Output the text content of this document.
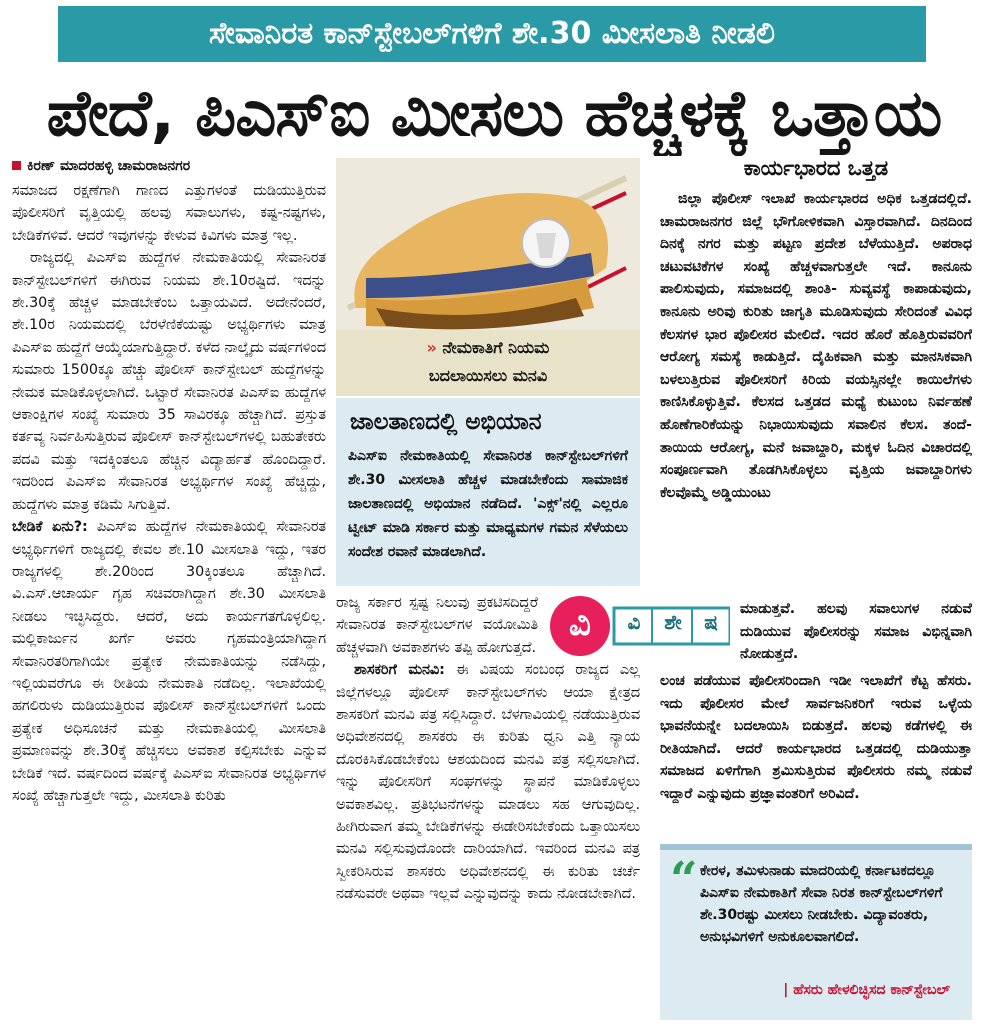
ಸೇವಾನಿರತ ಕಾನ್‌ಸ್ಟೇಬಲ್‌ಗಳಿಗೆ ಶೇ.30 ಮೀಸಲಾತಿ ನೀಡಲಿ
ಪೇದೆ, ಪಿಎಸ್‌ಐ ಮೀಸಲು ಹೆಚ್ಚಳಕ್ಕೆ ಒತ್ತಾಯ
ಕಿರಣ್ ಮಾದರಹಳ್ಳಿ ಚಾಮರಾಜನಗರ

ಸಮಾಜದ ರಕ್ಷಣೆಗಾಗಿ ಗಾಣದ ಎತ್ತುಗಳಂತೆ ದುಡಿಯುತ್ತಿರುವ ಪೊಲೀಸರಿಗೆ ವೃತ್ತಿಯಲ್ಲಿ ಹಲವು ಸವಾಲುಗಳು, ಕಷ್ಟ-ನಷ್ಟಗಳು, ಬೇಡಿಕೆಗಳಿವೆ. ಆದರೆ ಇವುಗಳನ್ನು ಕೇಳುವ ಕಿವಿಗಳು ಮಾತ್ರ ಇಲ್ಲ.

ರಾಜ್ಯದಲ್ಲಿ ಪಿಎಸ್‌ಐ ಹುದ್ದೆಗಳ ನೇಮಕಾತಿಯಲ್ಲಿ ಸೇವಾನಿರತ ಕಾನ್‌ಸ್ಟೇಬಲ್‌ಗಳಿಗೆ ಈಗಿರುವ ನಿಯಮ ಶೇ.10ರಷ್ಟಿದೆ. ಇದನ್ನು ಶೇ.30ಕ್ಕೆ ಹೆಚ್ಚಳ ಮಾಡಬೇಕೆಂಬ ಒತ್ತಾಯವಿದೆ. ಅದೇನೆಂದರೆ, ಶೇ.10ರ ನಿಯಮದಲ್ಲಿ ಬೆರಳೆಣಿಕೆಯಷ್ಟು ಅಭ್ಯರ್ಥಿಗಳು ಮಾತ್ರ ಪಿಎಸ್‌ಐ ಹುದ್ದೆಗೆ ಆಯ್ಕೆಯಾಗುತ್ತಿದ್ದಾರೆ. ಕಳೆದ ನಾಲ್ಕೈದು ವರ್ಷಗಳಿಂದ ಸುಮಾರು 1500ಕ್ಕೂ ಹೆಚ್ಚು ಪೊಲೀಸ್ ಕಾನ್‌ಸ್ಟೇಬಲ್ ಹುದ್ದೆಗಳನ್ನು ನೇಮಕ ಮಾಡಿಕೊಳ್ಳಲಾಗಿದೆ. ಒಟ್ಟಾರೆ ಸೇವಾನಿರತ ಪಿಎಸ್‌ಐ ಹುದ್ದೆಗಳ ಆಕಾಂಕ್ಷಿಗಳ ಸಂಖ್ಯೆ ಸುಮಾರು 35 ಸಾವಿರಕ್ಕೂ ಹೆಚ್ಚಾಗಿದೆ. ಪ್ರಸ್ತುತ ಕರ್ತವ್ಯ ನಿರ್ವಹಿಸುತ್ತಿರುವ ಪೊಲೀಸ್ ಕಾನ್‌ಸ್ಟೇಬಲ್‌ಗಳಲ್ಲಿ ಬಹುತೇಕರು ಪದವಿ ಮತ್ತು ಇದಕ್ಕಿಂತಲೂ ಹೆಚ್ಚಿನ ವಿದ್ಯಾರ್ಹತೆ ಹೊಂದಿದ್ದಾರೆ. ಇದರಿಂದ ಪಿಎಸ್‌ಐ ಸೇವಾನಿರತ ಅಭ್ಯರ್ಥಿಗಳ ಸಂಖ್ಯೆ ಹೆಚ್ಚಿದ್ದು, ಹುದ್ದೆಗಳು ಮಾತ್ರ ಕಡಿಮೆ ಸಿಗುತ್ತಿವೆ.

ಬೇಡಿಕೆ ಏನು?: ಪಿಎಸ್‌ಐ ಹುದ್ದೆಗಳ ನೇಮಕಾತಿಯಲ್ಲಿ ಸೇವಾನಿರತ ಅಭ್ಯರ್ಥಿಗಳಿಗೆ ರಾಜ್ಯದಲ್ಲಿ ಕೇವಲ ಶೇ.10 ಮೀಸಲಾತಿ ಇದ್ದು, ಇತರ ರಾಜ್ಯಗಳಲ್ಲಿ ಶೇ.20ರಿಂದ 30ಕ್ಕಿಂತಲೂ ಹೆಚ್ಚಾಗಿದೆ. ವಿ.ಎಸ್.ಆಚಾರ್ಯ ಗೃಹ ಸಚಿವರಾಗಿದ್ದಾಗ ಶೇ.30 ಮೀಸಲಾತಿ ನೀಡಲು ಇಚ್ಛಿಸಿದ್ದರು. ಆದರೆ, ಅದು ಕಾರ್ಯಗತಗೊಳ್ಳಲಿಲ್ಲ. ಮಲ್ಲಿಕಾರ್ಜುನ ಖರ್ಗೆ ಅವರು ಗೃಹಮಂತ್ರಿಯಾಗಿದ್ದಾಗ ಸೇವಾನಿರತರಿಗಾಗಿಯೇ ಪ್ರತ್ಯೇಕ ನೇಮಕಾತಿಯನ್ನು ನಡೆಸಿದ್ದು, ಇಲ್ಲಿಯವರೆಗೂ ಈ ರೀತಿಯ ನೇಮಕಾತಿ ನಡೆದಿಲ್ಲ. ಇಲಾಖೆಯಲ್ಲಿ ಹಗಲಿರುಳು ದುಡಿಯುತ್ತಿರುವ ಪೊಲೀಸ್ ಕಾನ್‌ಸ್ಟೇಬಲ್‌ಗಳಿಗೆ ಒಂದು ಪ್ರತ್ಯೇಕ ಅಧಿಸೂಚನೆ ಮತ್ತು ನೇಮಕಾತಿಯಲ್ಲಿ ಮೀಸಲಾತಿ ಪ್ರಮಾಣವನ್ನು ಶೇ.30ಕ್ಕೆ ಹೆಚ್ಚಿಸಲು ಅವಕಾಶ ಕಲ್ಪಿಸಬೇಕು ಎನ್ನುವ ಬೇಡಿಕೆ ಇದೆ. ವರ್ಷದಿಂದ ವರ್ಷಕ್ಕೆ ಪಿಎಸ್‌ಐ ಸೇವಾನಿರತ ಅಭ್ಯರ್ಥಿಗಳ ಸಂಖ್ಯೆ ಹೆಚ್ಚಾಗುತ್ತಲೇ ಇದ್ದು, ಮೀಸಲಾತಿ ಕುರಿತು

» ನೇಮಕಾತಿಗೆ ನಿಯಮ
ಬದಲಾಯಿಸಲು ಮನವಿ
ಜಾಲತಾಣದಲ್ಲಿ ಅಭಿಯಾನ
ಪಿಎಸ್‌ಐ ನೇಮಕಾತಿಯಲ್ಲಿ ಸೇವಾನಿರತ ಕಾನ್‌ಸ್ಟೇಬಲ್‌ಗಳಿಗೆ ಶೇ.30 ಮೀಸಲಾತಿ ಹೆಚ್ಚಳ ಮಾಡಬೇಕೆಂದು ಸಾಮಾಜಿಕ ಜಾಲತಾಣದಲ್ಲಿ ಅಭಿಯಾನ ನಡೆದಿದೆ. 'ಎಕ್ಸ್'ನಲ್ಲಿ ಎಲ್ಲರೂ ಟ್ವೀಟ್ ಮಾಡಿ ಸರ್ಕಾರ ಮತ್ತು ಮಾಧ್ಯಮಗಳ ಗಮನ ಸೆಳೆಯಲು ಸಂದೇಶ ರವಾನೆ ಮಾಡಲಾಗಿದೆ.

ರಾಜ್ಯ ಸರ್ಕಾರ ಸ್ಪಷ್ಟ ನಿಲುವು ಪ್ರಕಟಿಸದಿದ್ದರೆ ಸೇವಾನಿರತ ಕಾನ್‌ಸ್ಟೇಬಲ್‌ಗಳ ವಯೋಮಿತಿ ಹೆಚ್ಚಳವಾಗಿ ಅವಕಾಶಗಳು ತಪ್ಪಿ ಹೋಗುತ್ತದೆ.

ಶಾಸಕರಿಗೆ ಮನವಿ: ಈ ವಿಷಯ ಸಂಬಂಧ ರಾಜ್ಯದ ಎಲ್ಲ ಜಿಲ್ಲೆಗಳಲ್ಲೂ ಪೊಲೀಸ್ ಕಾನ್‌ಸ್ಟೇಬಲ್‌ಗಳು ಆಯಾ ಕ್ಷೇತ್ರದ ಶಾಸಕರಿಗೆ ಮನವಿ ಪತ್ರ ಸಲ್ಲಿಸಿದ್ದಾರೆ. ಬೆಳಗಾವಿಯಲ್ಲಿ ನಡೆಯುತ್ತಿರುವ ಅಧಿವೇಶನದಲ್ಲಿ ಶಾಸಕರು ಈ ಕುರಿತು ಧ್ವನಿ ಎತ್ತಿ ನ್ಯಾಯ ದೊರಕಿಸಿಕೊಡಬೇಕೆಂಬ ಆಶಯದಿಂದ ಮನವಿ ಪತ್ರ ಸಲ್ಲಿಸಲಾಗಿದೆ. ಇನ್ನು ಪೊಲೀಸರಿಗೆ ಸಂಘಗಳನ್ನು ಸ್ಥಾಪನೆ ಮಾಡಿಕೊಳ್ಳಲು ಅವಕಾಶವಿಲ್ಲ. ಪ್ರತಿಭಟನೆಗಳನ್ನು ಮಾಡಲು ಸಹ ಆಗುವುದಿಲ್ಲ. ಹೀಗಿರುವಾಗ ತಮ್ಮ ಬೇಡಿಕೆಗಳನ್ನು ಈಡೇರಿಸಬೇಕೆಂದು ಒತ್ತಾಯಿಸಲು ಮನವಿ ಸಲ್ಲಿಸುವುದೊಂದೇ ದಾರಿಯಾಗಿದೆ. ಇವರಿಂದ ಮನವಿ ಪತ್ರ ಸ್ವೀಕರಿಸಿರುವ ಶಾಸಕರು ಅಧಿವೇಶನದಲ್ಲಿ ಈ ಕುರಿತು ಚರ್ಚೆ ನಡೆಸುವರೇ ಅಥವಾ ಇಲ್ಲವೆ ಎನ್ನುವುದನ್ನು ಕಾದು ನೋಡಬೇಕಾಗಿದೆ.

ವಿ	ವಿ	ಶೇ	ಷ
ಕಾರ್ಯಭಾರದ ಒತ್ತಡ

ಜಿಲ್ಲಾ ಪೊಲೀಸ್ ಇಲಾಖೆ ಕಾರ್ಯಭಾರದ ಅಧಿಕ ಒತ್ತಡದಲ್ಲಿದೆ. ಚಾಮರಾಜನಗರ ಜಿಲ್ಲೆ ಭೌಗೋಳಿಕವಾಗಿ ವಿಸ್ತಾರವಾಗಿದೆ. ದಿನದಿಂದ ದಿನಕ್ಕೆ ನಗರ ಮತ್ತು ಪಟ್ಟಣ ಪ್ರದೇಶ ಬೆಳೆಯುತ್ತಿದೆ. ಅಪರಾಧ ಚಟುವಟಿಕೆಗಳ ಸಂಖ್ಯೆ ಹೆಚ್ಚಳವಾಗುತ್ತಲೇ ಇದೆ. ಕಾನೂನು ಪಾಲಿಸುವುದು, ಸಮಾಜದಲ್ಲಿ ಶಾಂತಿ- ಸುವ್ಯವಸ್ಥೆ ಕಾಪಾಡುವುದು, ಕಾನೂನು ಅರಿವು ಕುರಿತು ಜಾಗೃತಿ ಮೂಡಿಸುವುದು ಸೇರಿದಂತೆ ವಿವಿಧ ಕೆಲಸಗಳ ಭಾರ ಪೊಲೀಸರ ಮೇಲಿದೆ. ಇದರ ಹೊರೆ ಹೊತ್ತಿರುವವರಿಗೆ ಆರೋಗ್ಯ ಸಮಸ್ಯೆ ಕಾಡುತ್ತಿದೆ. ದೈಹಿಕವಾಗಿ ಮತ್ತು ಮಾನಸಿಕವಾಗಿ ಬಳಲುತ್ತಿರುವ ಪೊಲೀಸರಿಗೆ ಕಿರಿಯ ವಯಸ್ಸಿನಲ್ಲೇ ಕಾಯಿಲೆಗಳು ಕಾಣಿಸಿಕೊಳ್ಳುತ್ತಿವೆ. ಕೆಲಸದ ಒತ್ತಡದ ಮಧ್ಯೆ ಕುಟುಂಬ ನಿರ್ವಹಣೆ ಹೊಣೆಗಾರಿಕೆಯನ್ನು ನಿಭಾಯಿಸುವುದು ಸವಾಲಿನ ಕೆಲಸ. ತಂದೆ-ತಾಯಿಯ ಆರೋಗ್ಯ, ಮನೆ ಜವಾಬ್ದಾರಿ, ಮಕ್ಕಳ ಓದಿನ ವಿಚಾರದಲ್ಲಿ ಸಂಪೂರ್ಣವಾಗಿ ತೊಡಗಿಸಿಕೊಳ್ಳಲು ವೃತ್ತಿಯ ಜವಾಬ್ದಾರಿಗಳು ಕೆಲವೊಮ್ಮೆ ಅಡ್ಡಿಯುಂಟು

ಮಾಡುತ್ತವೆ. ಹಲವು ಸವಾಲುಗಳ ನಡುವೆ ದುಡಿಯುವ ಪೊಲೀಸರನ್ನು ಸಮಾಜ ವಿಭಿನ್ನವಾಗಿ ನೋಡುತ್ತದೆ.

ಲಂಚ ಪಡೆಯುವ ಪೊಲೀಸರಿಂದಾಗಿ ಇಡೀ ಇಲಾಖೆಗೆ ಕೆಟ್ಟ ಹೆಸರು. ಇದು ಪೊಲೀಸರ ಮೇಲೆ ಸಾರ್ವಜನಿಕರಿಗೆ ಇರುವ ಒಳ್ಳೆಯ ಭಾವನೆಯನ್ನೇ ಬದಲಾಯಿಸಿ ಬಿಡುತ್ತದೆ. ಹಲವು ಕಡೆಗಳಲ್ಲಿ ಈ ರೀತಿಯಾಗಿದೆ. ಆದರೆ ಕಾರ್ಯಭಾರದ ಒತ್ತಡದಲ್ಲಿ ದುಡಿಯುತ್ತಾ ಸಮಾಜದ ಏಳಿಗೆಗಾಗಿ ಶ್ರಮಿಸುತ್ತಿರುವ ಪೊಲೀಸರು ನಮ್ಮ ನಡುವೆ ಇದ್ದಾರೆ ಎನ್ನುವುದು ಪ್ರಜ್ಞಾವಂತರಿಗೆ ಅರಿವಿದೆ.

“ ಕೇರಳ, ತಮಿಳುನಾಡು ಮಾದರಿಯಲ್ಲಿ ಕರ್ನಾಟಕದಲ್ಲೂ ಪಿಎಸ್‌ಐ ನೇಮಕಾತಿಗೆ ಸೇವಾ ನಿರತ ಕಾನ್‌ಸ್ಟೇಬಲ್‌ಗಳಿಗೆ ಶೇ.30ರಷ್ಟು ಮೀಸಲು ನೀಡಬೇಕು. ವಿದ್ಯಾವಂತರು, ಅನುಭವಿಗಳಿಗೆ ಅನುಕೂಲವಾಗಲಿದೆ.
| ಹೆಸರು ಹೇಳಲಿಚ್ಛಿಸದ ಕಾನ್‌ಸ್ಟೇಬಲ್
